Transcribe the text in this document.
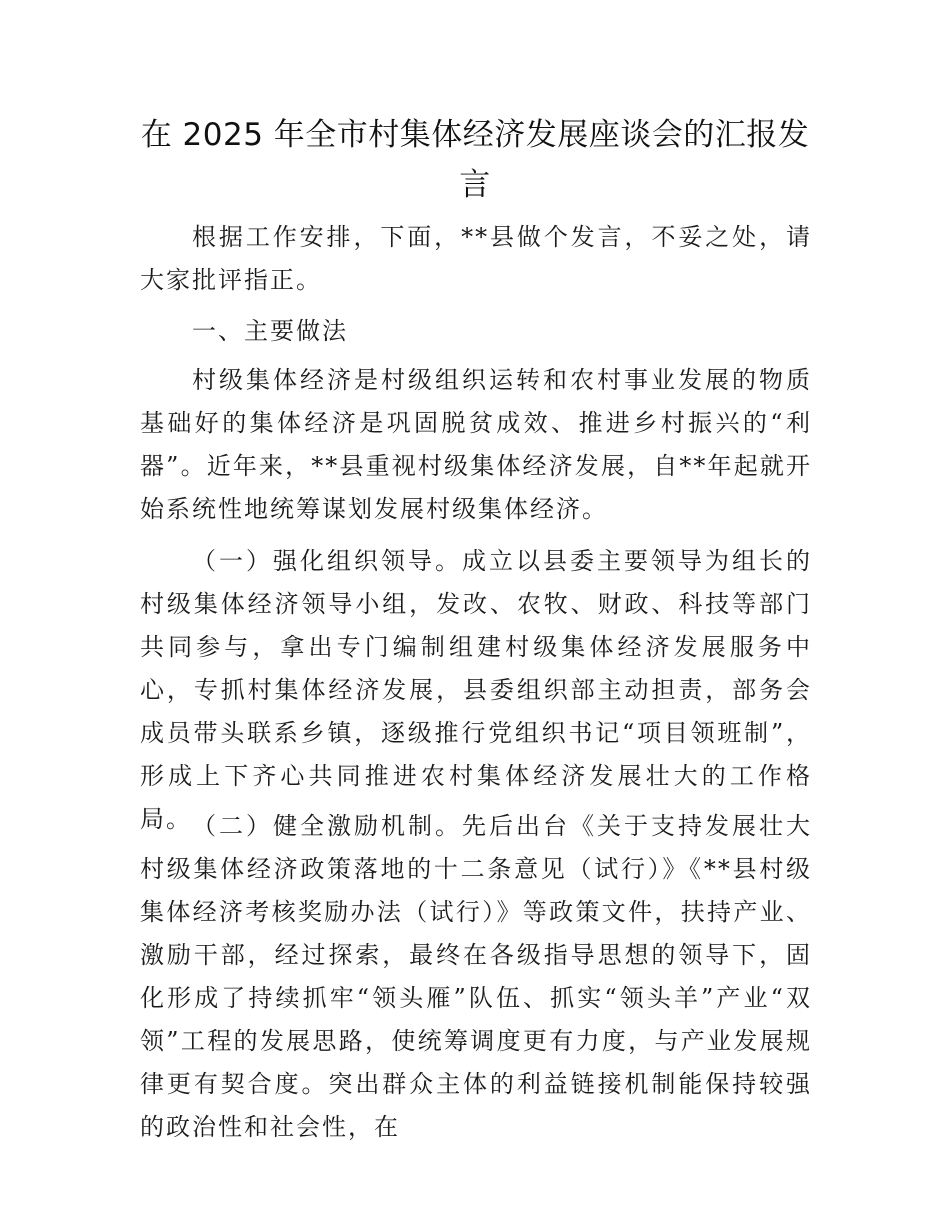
在 2025 年全市村集体经济发展座谈会的汇报发言

根据工作安排，下面，**县做个发言，不妥之处，请大家批评指正。

一、主要做法

村级集体经济是村级组织运转和农村事业发展的物质基础好的集体经济是巩固脱贫成效、推进乡村振兴的“利器”。近年来，**县重视村级集体经济发展，自**年起就开始系统性地统筹谋划发展村级集体经济。

（一）强化组织领导。成立以县委主要领导为组长的村级集体经济领导小组，发改、农牧、财政、科技等部门共同参与，拿出专门编制组建村级集体经济发展服务中心，专抓村集体经济发展，县委组织部主动担责，部务会成员带头联系乡镇，逐级推行党组织书记“项目领班制”，形成上下齐心共同推进农村集体经济发展壮大的工作格局。 （二）健全激励机制。先后出台《关于支持发展壮大村级集体经济政策落地的十二条意见（试行）》《**县村级集体经济考核奖励办法（试行）》等政策文件，扶持产业、激励干部，经过探索，最终在各级指导思想的领导下，固化形成了持续抓牢“领头雁”队伍、抓实“领头羊”产业“双领”工程的发展思路，使统筹调度更有力度，与产业发展规律更有契合度。突出群众主体的利益链接机制能保持较强的政治性和社会性，在
